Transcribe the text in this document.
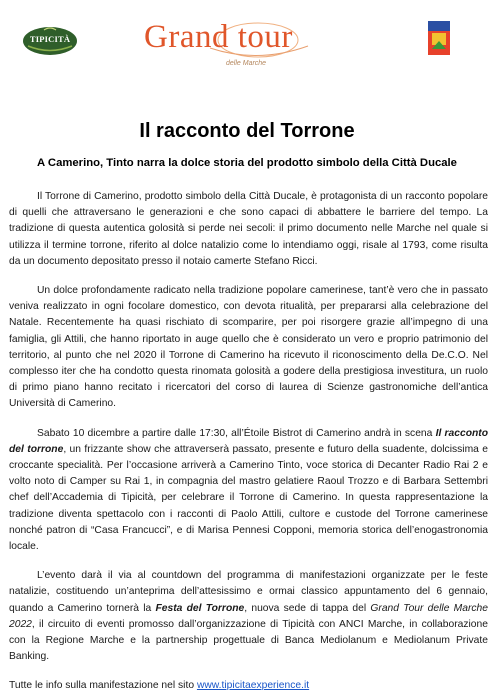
TIPICITÀ Grand tour
delle Marche
Il racconto del Torrone
A Camerino, Tinto narra la dolce storia del prodotto simbolo della Città Ducale

Il Torrone di Camerino, prodotto simbolo della Città Ducale, è protagonista di un racconto popolare di quelli che attraversano le generazioni e che sono capaci di abbattere le barriere del tempo. La tradizione di questa autentica golosità si perde nei secoli: il primo documento nelle Marche nel quale si utilizza il termine torrone, riferito al dolce natalizio come lo intendiamo oggi, risale al 1793, come risulta da un documento depositato presso il notaio camerte Stefano Ricci.

Un dolce profondamente radicato nella tradizione popolare camerinese, tant’è vero che in passato veniva realizzato in ogni focolare domestico, con devota ritualità, per prepararsi alla celebrazione del Natale. Recentemente ha quasi rischiato di scomparire, per poi risorgere grazie all’impegno di una famiglia, gli Attili, che hanno riportato in auge quello che è considerato un vero e proprio patrimonio del territorio, al punto che nel 2020 il Torrone di Camerino ha ricevuto il riconoscimento della De.C.O. Nel complesso iter che ha condotto questa rinomata golosità a godere della prestigiosa investitura, un ruolo di primo piano hanno recitato i ricercatori del corso di laurea di Scienze gastronomiche dell’antica Università di Camerino.

Sabato 10 dicembre a partire dalle 17:30, all’Étoile Bistrot di Camerino andrà in scena Il racconto del torrone, un frizzante show che attraverserà passato, presente e futuro della suadente, dolcissima e croccante specialità. Per l’occasione arriverà a Camerino Tinto, voce storica di Decanter Radio Rai 2 e volto noto di Camper su Rai 1, in compagnia del mastro gelatiere Raoul Trozzo e di Barbara Settembri chef dell’Accademia di Tipicità, per celebrare il Torrone di Camerino. In questa rappresentazione la tradizione diventa spettacolo con i racconti di Paolo Attili, cultore e custode del Torrone camerinese nonché patron di “Casa Francucci”, e di Marisa Pennesi Copponi, memoria storica dell’enogastronomia locale.

L’evento darà il via al countdown del programma di manifestazioni organizzate per le feste natalizie, costituendo un’anteprima dell’attesissimo e ormai classico appuntamento del 6 gennaio, quando a Camerino tornerà la Festa del Torrone, nuova sede di tappa del Grand Tour delle Marche 2022, il circuito di eventi promosso dall’organizzazione di Tipicità con ANCI Marche, in collaborazione con la Regione Marche e la partnership progettuale di Banca Mediolanum e Mediolanum Private Banking.

Tutte le info sulla manifestazione nel sito www.tipicitaexperience.it
